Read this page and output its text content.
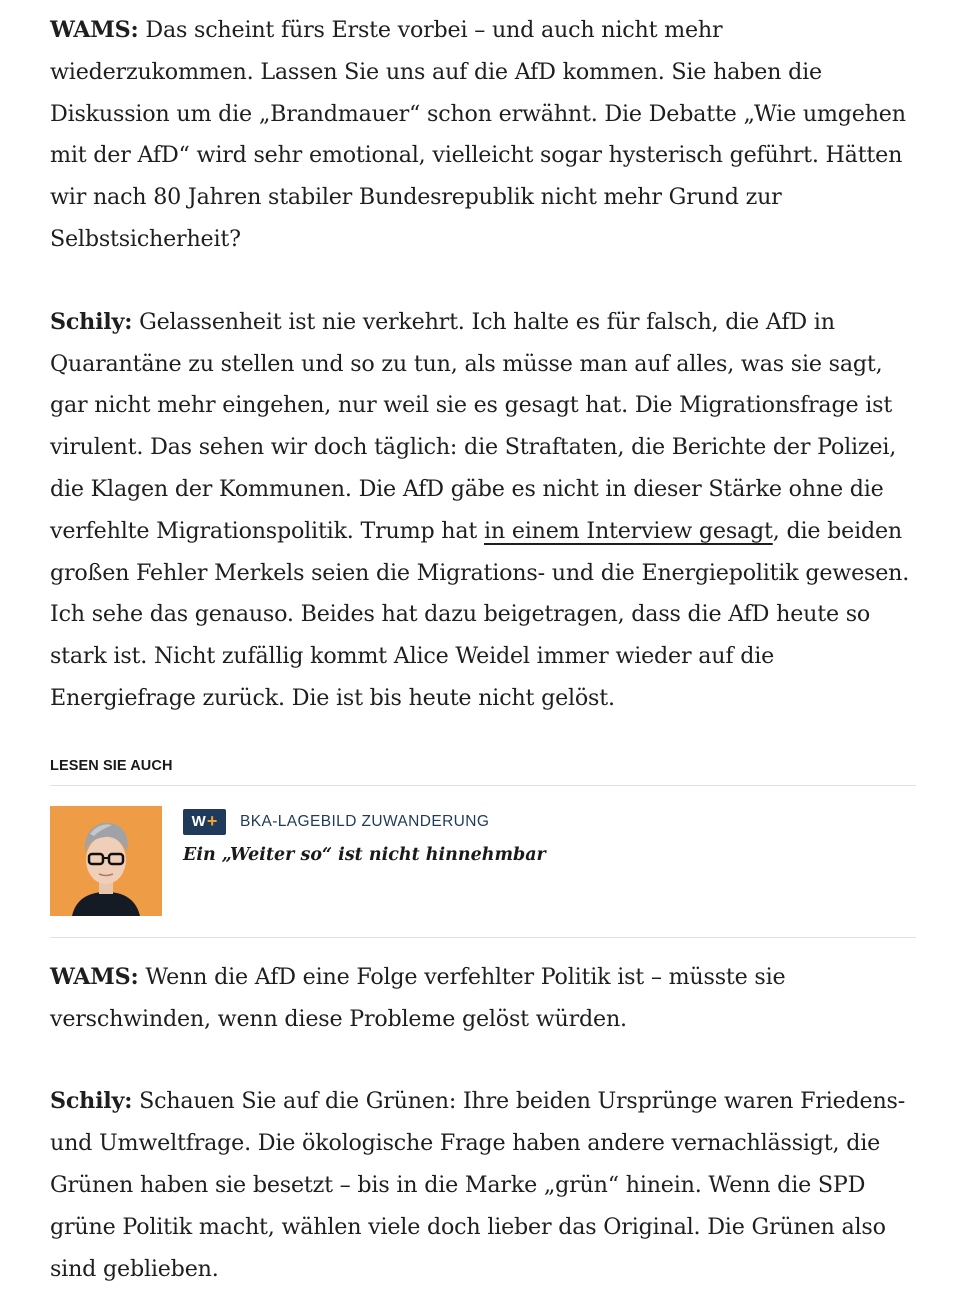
WAMS: Das scheint fürs Erste vorbei – und auch nicht mehr wiederzukommen. Lassen Sie uns auf die AfD kommen. Sie haben die Diskussion um die „Brandmauer“ schon erwähnt. Die Debatte „Wie umgehen mit der AfD“ wird sehr emotional, vielleicht sogar hysterisch geführt. Hätten wir nach 80 Jahren stabiler Bundesrepublik nicht mehr Grund zur Selbstsicherheit?

Schily: Gelassenheit ist nie verkehrt. Ich halte es für falsch, die AfD in Quarantäne zu stellen und so zu tun, als müsse man auf alles, was sie sagt, gar nicht mehr eingehen, nur weil sie es gesagt hat. Die Migrationsfrage ist virulent. Das sehen wir doch täglich: die Straftaten, die Berichte der Polizei, die Klagen der Kommunen. Die AfD gäbe es nicht in dieser Stärke ohne die verfehlte Migrationspolitik. Trump hat in einem Interview gesagt, die beiden großen Fehler Merkels seien die Migrations- und die Energiepolitik gewesen. Ich sehe das genauso. Beides hat dazu beigetragen, dass die AfD heute so stark ist. Nicht zufällig kommt Alice Weidel immer wieder auf die Energiefrage zurück. Die ist bis heute nicht gelöst.

LESEN SIE AUCH
W + BKA-LAGEBILD ZUWANDERUNG
Ein „Weiter so“ ist nicht hinnehmbar

WAMS: Wenn die AfD eine Folge verfehlter Politik ist – müsste sie verschwinden, wenn diese Probleme gelöst würden.

Schily: Schauen Sie auf die Grünen: Ihre beiden Ursprünge waren Friedens- und Umweltfrage. Die ökologische Frage haben andere vernachlässigt, die Grünen haben sie besetzt – bis in die Marke „grün“ hinein. Wenn die SPD grüne Politik macht, wählen viele doch lieber das Original. Die Grünen also sind geblieben.
